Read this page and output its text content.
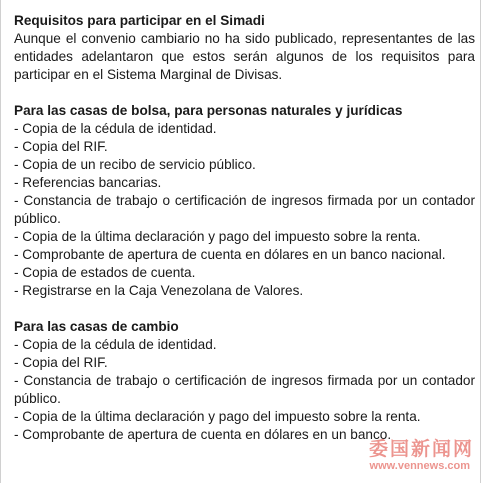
Requisitos para participar en el Simadi
Aunque el convenio cambiario no ha sido publicado, representantes de las entidades adelantaron que estos serán algunos de los requisitos para participar en el Sistema Marginal de Divisas.
Para las casas de bolsa, para personas naturales y jurídicas
- Copia de la cédula de identidad.
- Copia del RIF.
- Copia de un recibo de servicio público.
- Referencias bancarias.
- Constancia de trabajo o certificación de ingresos firmada por un contador público.
- Copia de la última declaración y pago del impuesto sobre la renta.
- Comprobante de apertura de cuenta en dólares en un banco nacional.
- Copia de estados de cuenta.
- Registrarse en la Caja Venezolana de Valores.
Para las casas de cambio
- Copia de la cédula de identidad.
- Copia del RIF.
- Constancia de trabajo o certificación de ingresos firmada por un contador público.
- Copia de la última declaración y pago del impuesto sobre la renta.
- Comprobante de apertura de cuenta en dólares en un banco.
委国新闻网
www.vennews.com
